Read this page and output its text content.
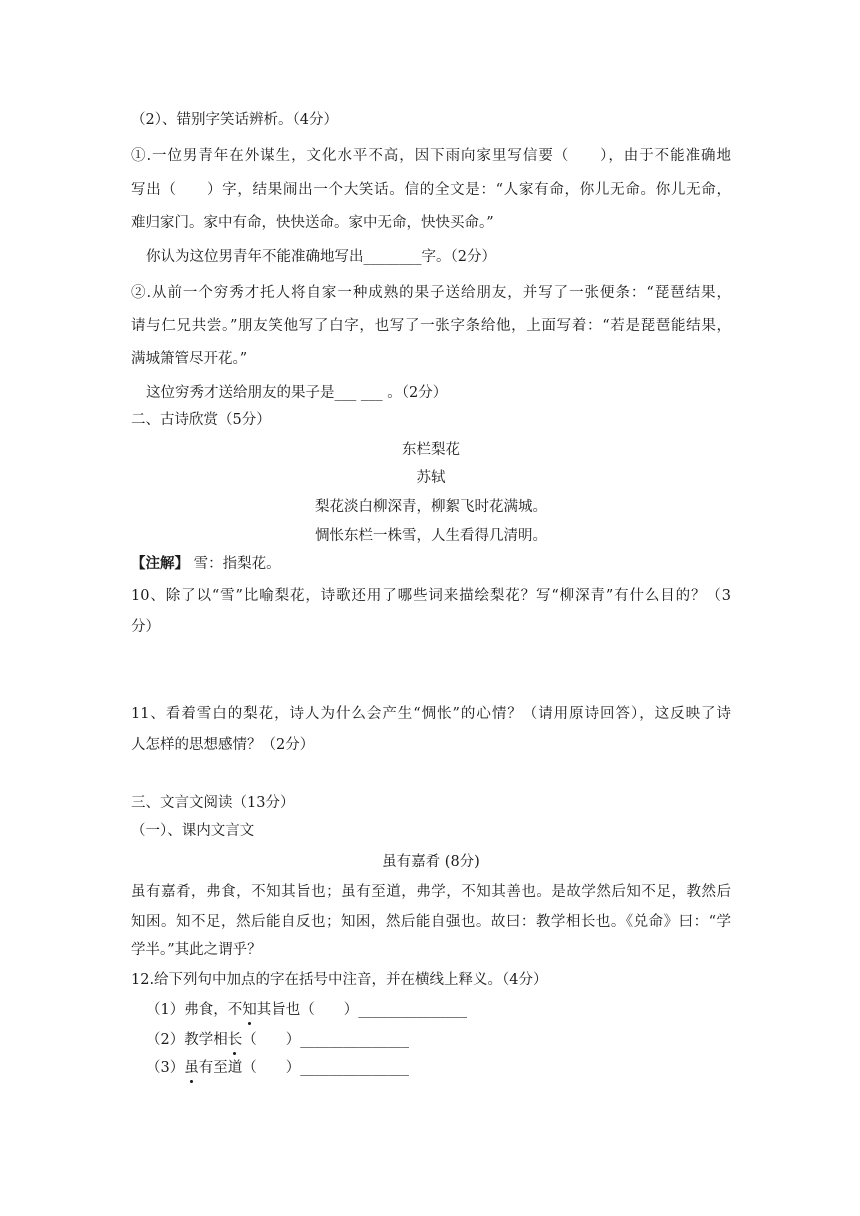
（2）、错别字笑话辨析。（4分）
①.一位男青年在外谋生，文化水平不高，因下雨向家里写信要（　　），由于不能准确地
写出（　　）字，结果闹出一个大笑话。信的全文是：“人家有命，你儿无命。你儿无命，
难归家门。家中有命，快快送命。家中无命，快快买命。”
你认为这位男青年不能准确地写出________字。（2分）
②.从前一个穷秀才托人将自家一种成熟的果子送给朋友，并写了一张便条：“琵琶结果，
请与仁兄共尝。”朋友笑他写了白字，也写了一张字条给他，上面写着：“若是琵琶能结果，
满城箫管尽开花。”
这位穷秀才送给朋友的果子是___ ___ 。（2分）
二、古诗欣赏（5分）
东栏梨花
苏轼
梨花淡白柳深青，柳絮飞时花满城。
惆怅东栏一株雪，人生看得几清明。
【注解】 雪：指梨花。
10、除了以“雪”比喻梨花，诗歌还用了哪些词来描绘梨花？写“柳深青”有什么目的？（3
分）
11、看着雪白的梨花，诗人为什么会产生“惆怅”的心情？（请用原诗回答），这反映了诗
人怎样的思想感情？（2分）
三、文言文阅读（13分）
（一）、课内文言文
虽有嘉肴 (8分)
虽有嘉肴，弗食，不知其旨也；虽有至道，弗学，不知其善也。是故学然后知不足，教然后
知困。知不足，然后能自反也；知困，然后能自强也。故曰：教学相长也。《兑命》曰：“学
学半。”其此之谓乎？
12.给下列句中加点的字在括号中注音，并在横线上释义。（4分）
（1）弗食，不知其旨也（　　）_______________
（2）教学相长（　　）_______________
（3）虽有至道（　　）_______________
